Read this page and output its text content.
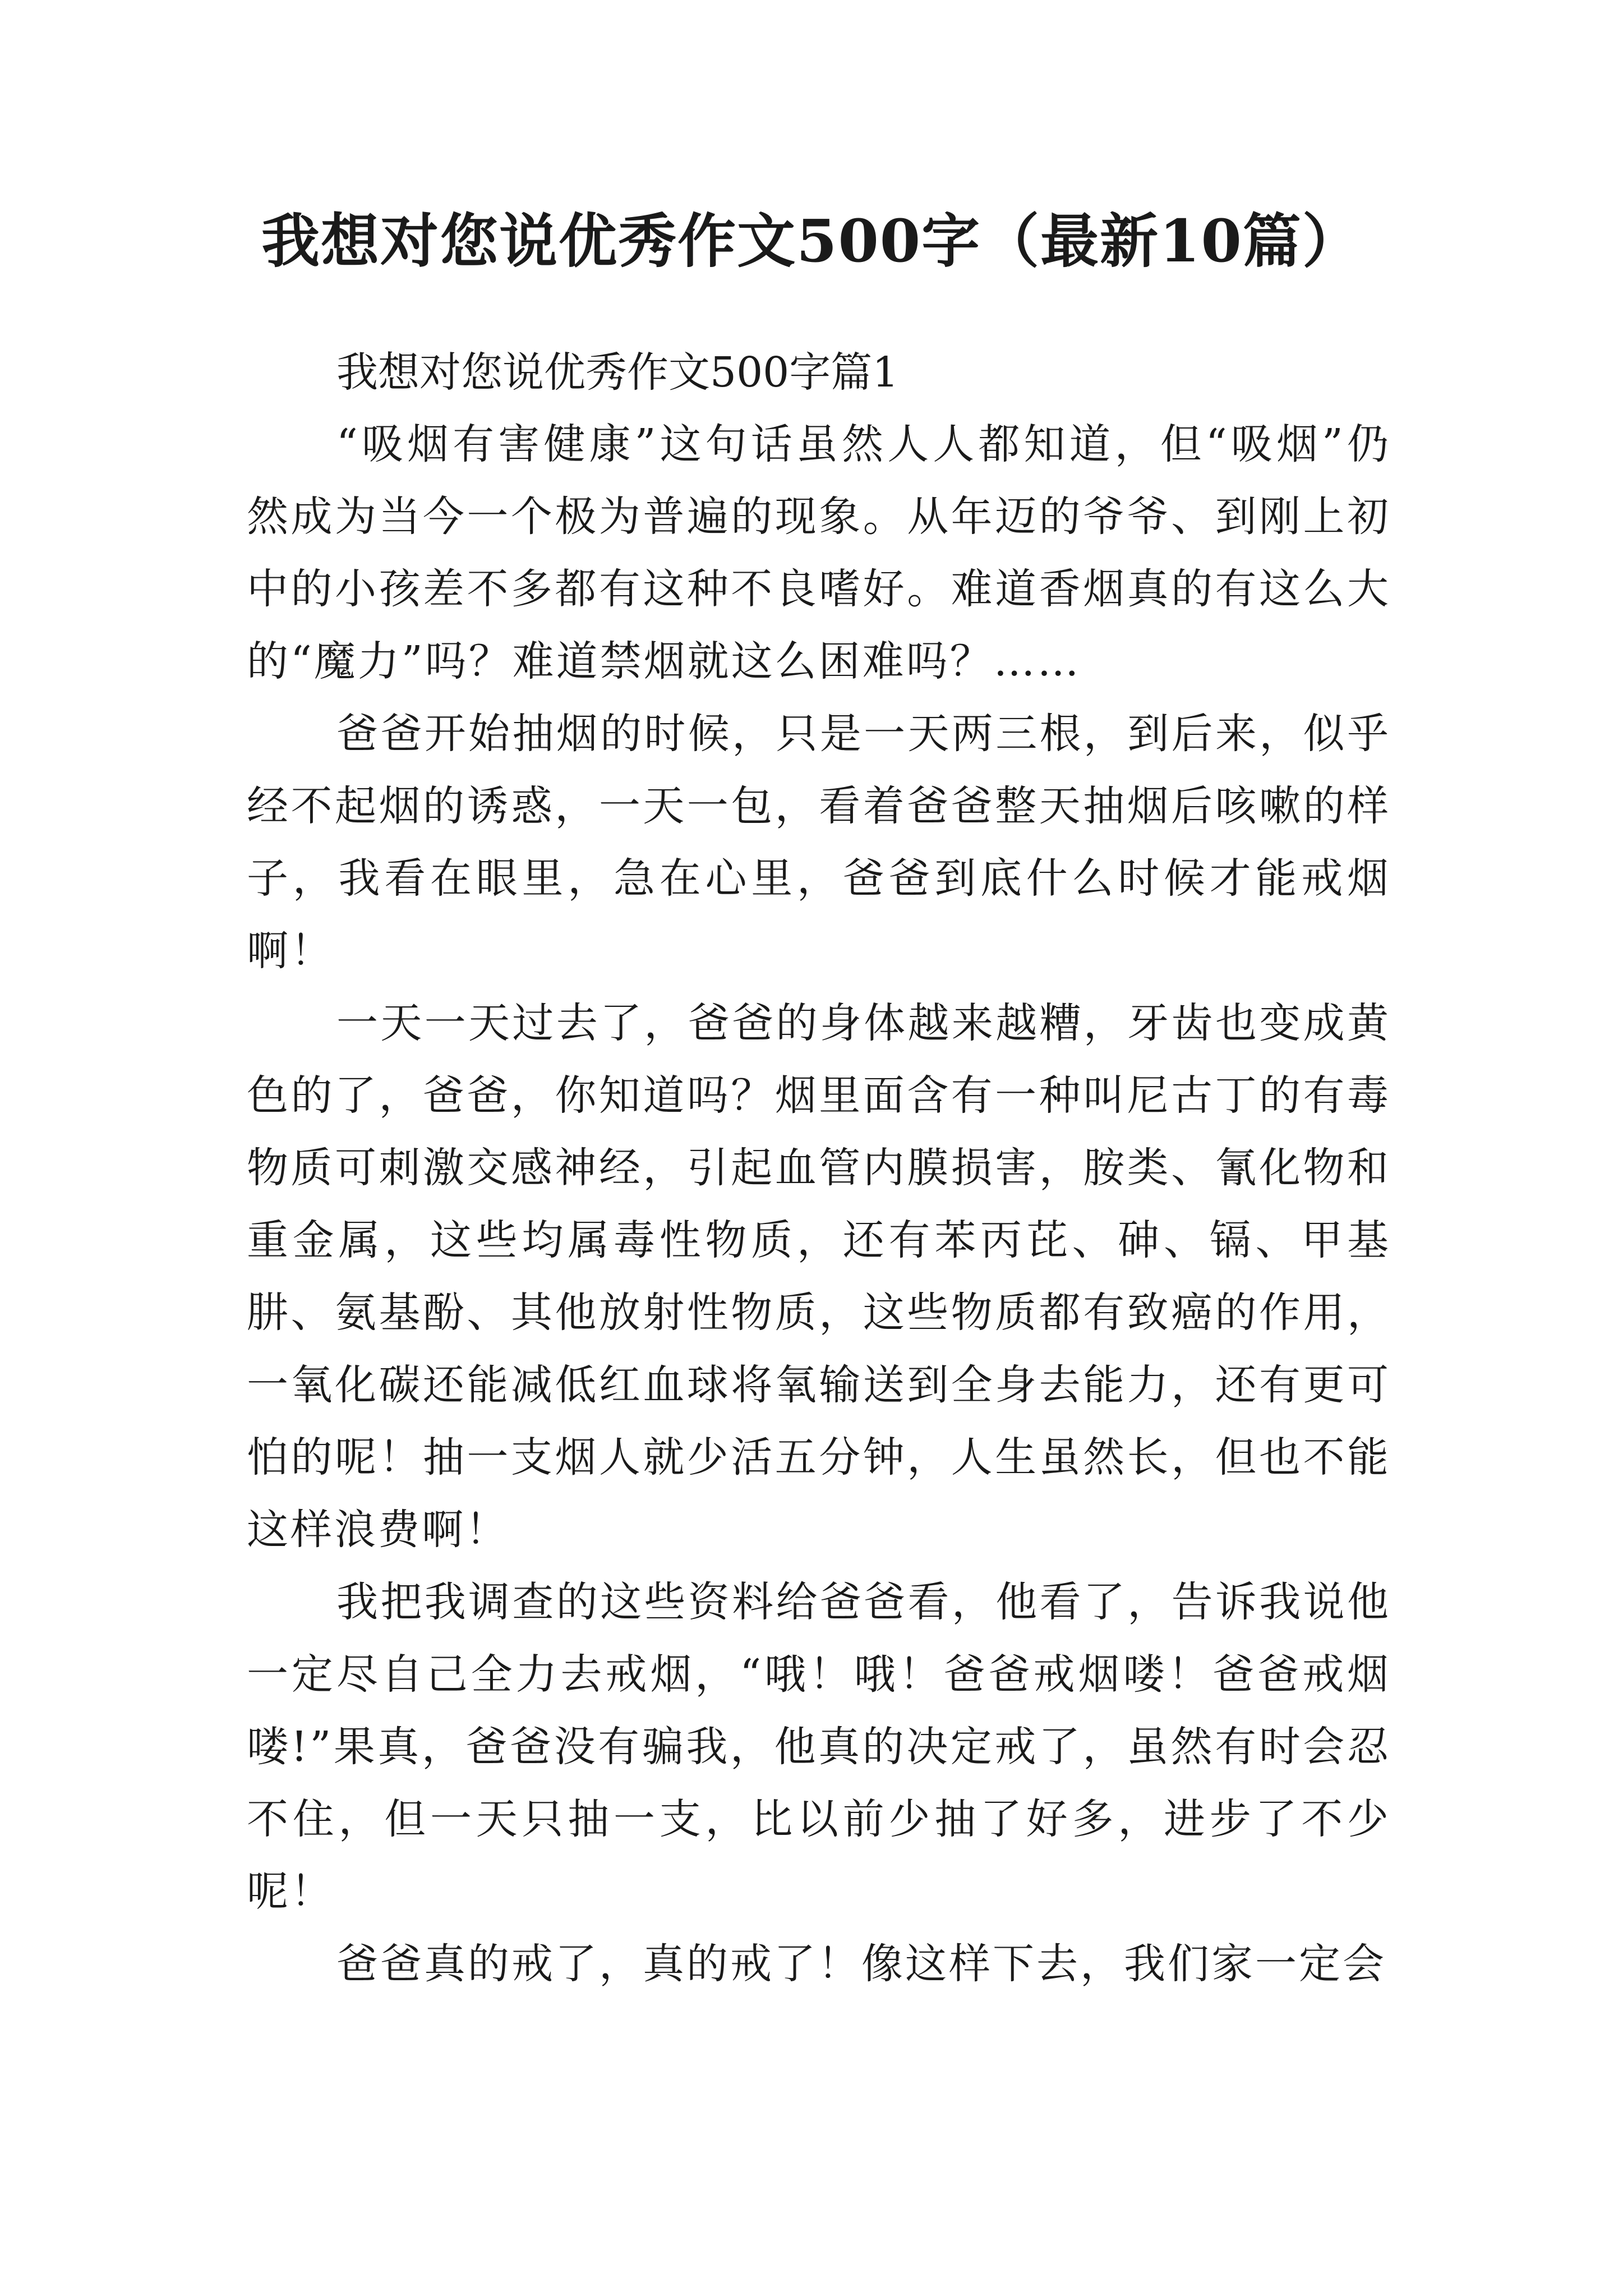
我想对您说优秀作文500字（最新10篇）

我想对您说优秀作文500字篇1

“吸烟有害健康”这句话虽然人人都知道，但“吸烟”仍然成为当今一个极为普遍的现象。从年迈的爷爷、到刚上初中的小孩差不多都有这种不良嗜好。难道香烟真的有这么大的“魔力”吗？难道禁烟就这么困难吗？……

爸爸开始抽烟的时候，只是一天两三根，到后来，似乎经不起烟的诱惑，一天一包，看着爸爸整天抽烟后咳嗽的样子，我看在眼里，急在心里，爸爸到底什么时候才能戒烟啊！

一天一天过去了，爸爸的身体越来越糟，牙齿也变成黄色的了，爸爸，你知道吗？烟里面含有一种叫尼古丁的有毒物质可刺激交感神经，引起血管内膜损害，胺类、氰化物和重金属，这些均属毒性物质，还有苯丙芘、砷、镉、甲基肼、氨基酚、其他放射性物质，这些物质都有致癌的作用，一氧化碳还能减低红血球将氧输送到全身去能力，还有更可怕的呢！抽一支烟人就少活五分钟，人生虽然长，但也不能这样浪费啊！

我把我调查的这些资料给爸爸看，他看了，告诉我说他一定尽自己全力去戒烟，“哦！哦！爸爸戒烟喽！爸爸戒烟喽!”果真，爸爸没有骗我，他真的决定戒了，虽然有时会忍不住，但一天只抽一支，比以前少抽了好多，进步了不少呢！

爸爸真的戒了，真的戒了！像这样下去，我们家一定会
